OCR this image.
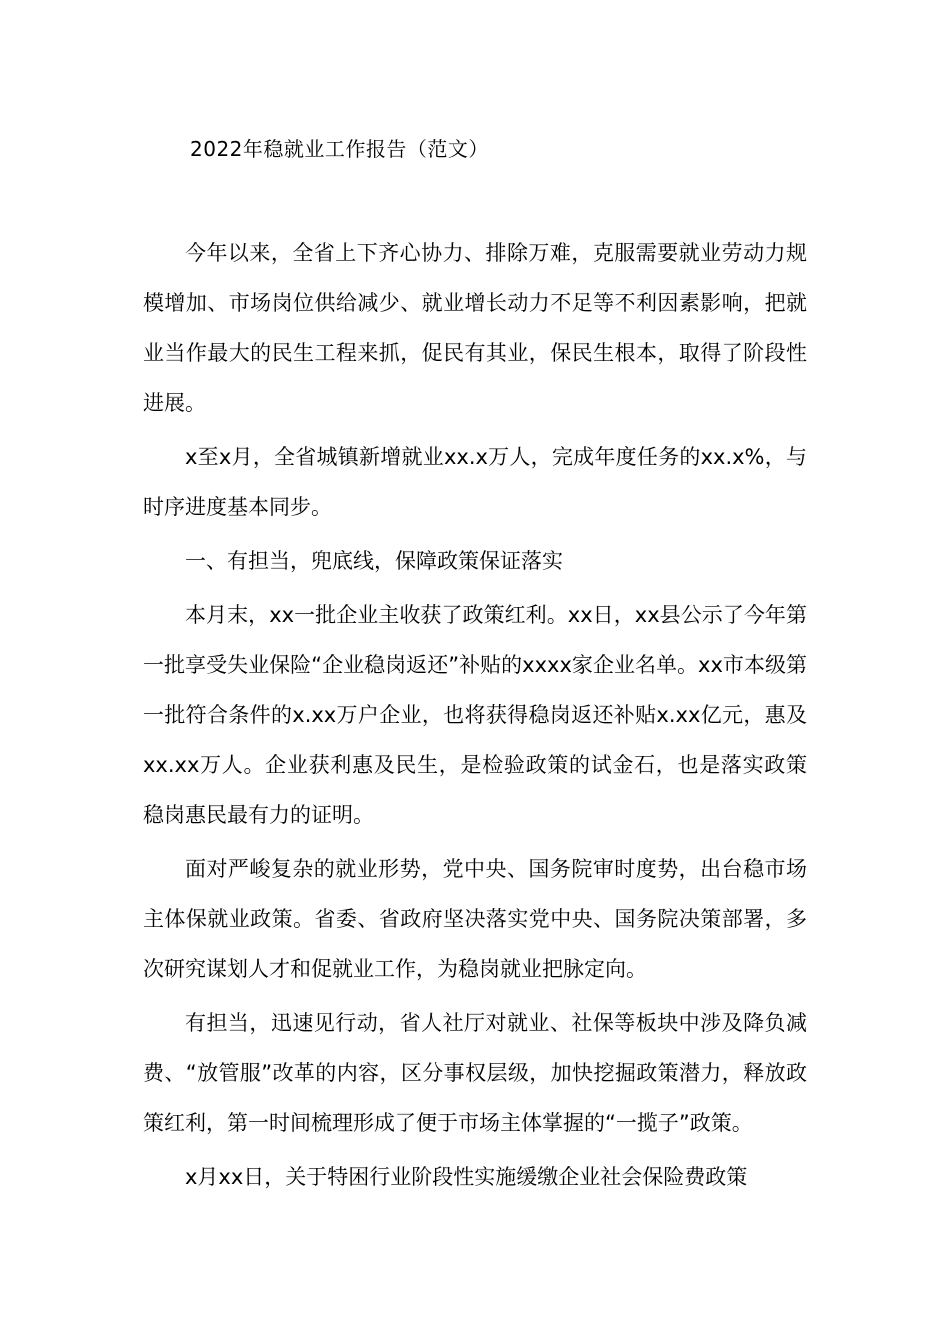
2022年稳就业工作报告（范文）

今年以来，全省上下齐心协力、排除万难，克服需要就业劳动力规模增加、市场岗位供给减少、就业增长动力不足等不利因素影响，把就业当作最大的民生工程来抓，促民有其业，保民生根本，取得了阶段性进展。

x至x月，全省城镇新增就业xx.x万人，完成年度任务的xx.x%，与时序进度基本同步。

一、有担当，兜底线，保障政策保证落实

本月末，xx一批企业主收获了政策红利。xx日，xx县公示了今年第一批享受失业保险“企业稳岗返还”补贴的xxxx家企业名单。xx市本级第一批符合条件的x.xx万户企业，也将获得稳岗返还补贴x.xx亿元，惠及xx.xx万人。企业获利惠及民生，是检验政策的试金石，也是落实政策稳岗惠民最有力的证明。

面对严峻复杂的就业形势，党中央、国务院审时度势，出台稳市场主体保就业政策。省委、省政府坚决落实党中央、国务院决策部署，多次研究谋划人才和促就业工作，为稳岗就业把脉定向。

有担当，迅速见行动，省人社厅对就业、社保等板块中涉及降负减费、“放管服”改革的内容，区分事权层级，加快挖掘政策潜力，释放政策红利，第一时间梳理形成了便于市场主体掌握的“一揽子”政策。

x月xx日，关于特困行业阶段性实施缓缴企业社会保险费政策
